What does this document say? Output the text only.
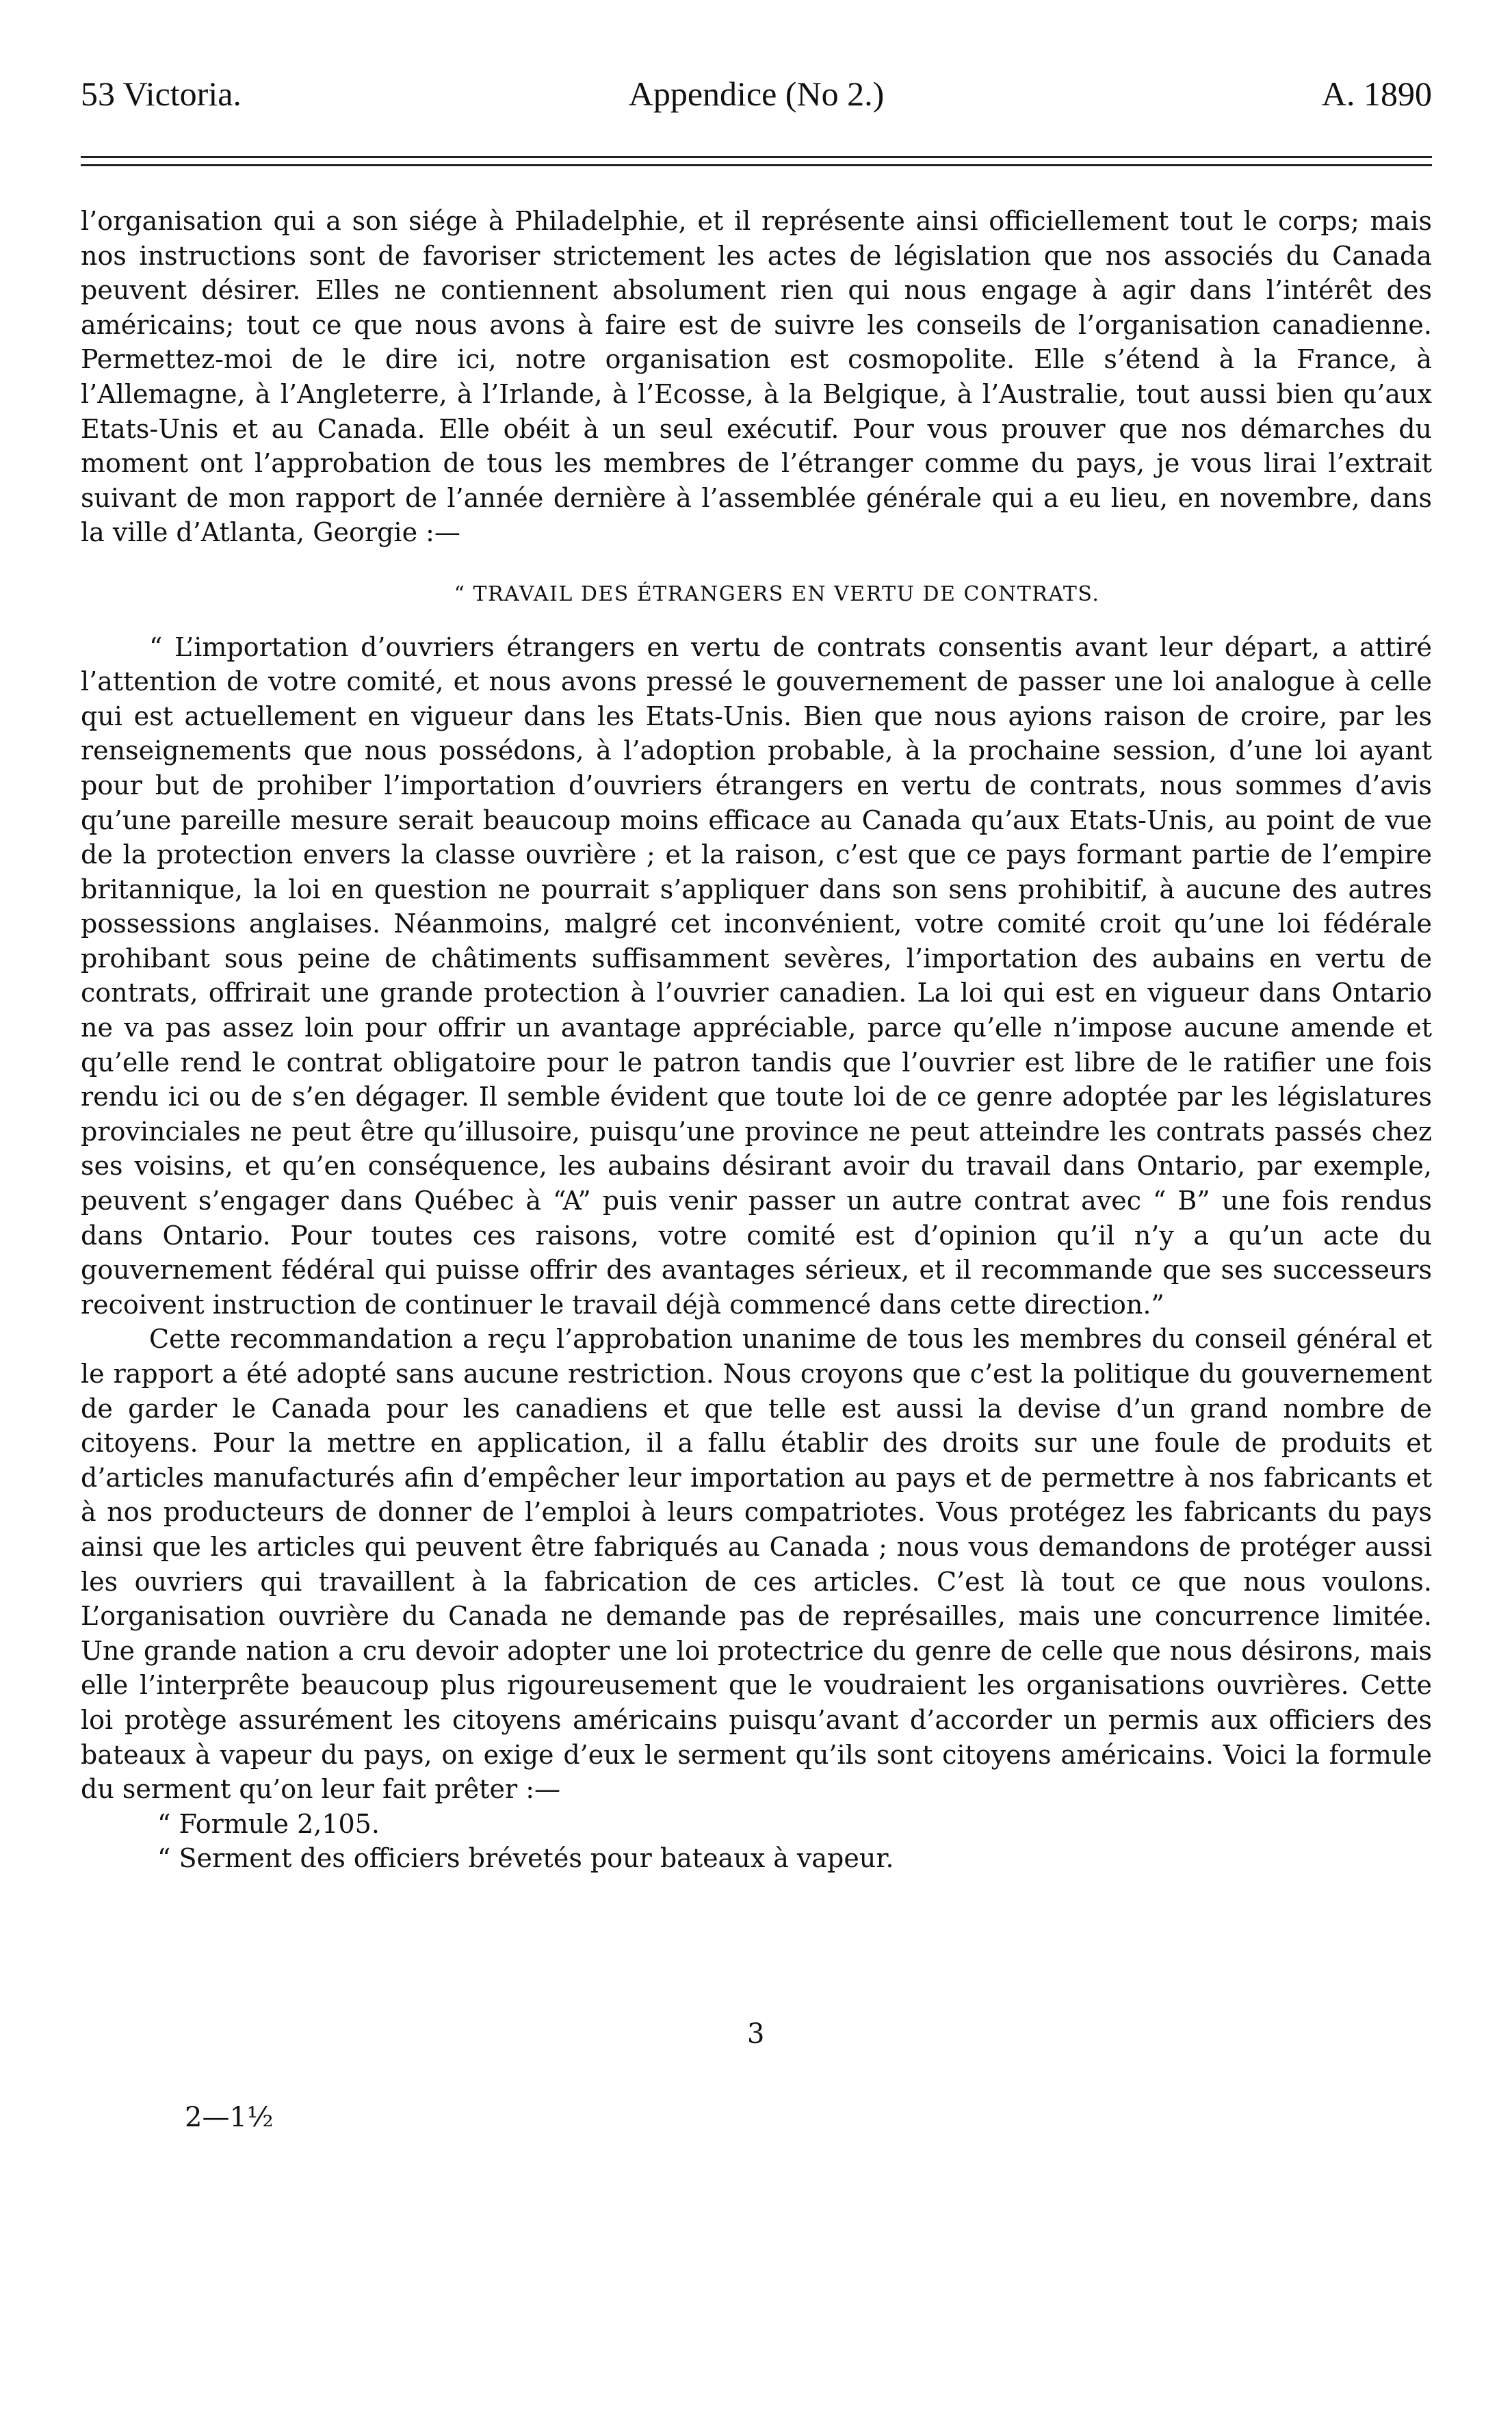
53 Victoria.	Appendice (No 2.)	A. 1890

l’organisation qui a son siége à Philadelphie, et il représente ainsi officiellement tout le corps; mais nos instructions sont de favoriser strictement les actes de législation que nos associés du Canada peuvent désirer. Elles ne contiennent absolument rien qui nous engage à agir dans l’intérêt des américains; tout ce que nous avons à faire est de suivre les conseils de l’organisation canadienne. Permettez-moi de le dire ici, notre organisation est cosmopolite. Elle s’étend à la France, à l’Allemagne, à l’Angleterre, à l’Irlande, à l’Ecosse, à la Belgique, à l’Australie, tout aussi bien qu’aux Etats-Unis et au Canada. Elle obéit à un seul exécutif. Pour vous prouver que nos démarches du moment ont l’approbation de tous les membres de l’étranger comme du pays, je vous lirai l’extrait suivant de mon rapport de l’année dernière à l’assemblée générale qui a eu lieu, en novembre, dans la ville d’Atlanta, Georgie :—

“ TRAVAIL DES ÉTRANGERS EN VERTU DE CONTRATS.

“ L’importation d’ouvriers étrangers en vertu de contrats consentis avant leur départ, a attiré l’attention de votre comité, et nous avons pressé le gouvernement de passer une loi analogue à celle qui est actuellement en vigueur dans les Etats-Unis. Bien que nous ayions raison de croire, par les renseignements que nous possédons, à l’adoption probable, à la prochaine session, d’une loi ayant pour but de prohiber l’importation d’ouvriers étrangers en vertu de contrats, nous sommes d’avis qu’une pareille mesure serait beaucoup moins efficace au Canada qu’aux Etats-Unis, au point de vue de la protection envers la classe ouvrière ; et la raison, c’est que ce pays formant partie de l’empire britannique, la loi en question ne pourrait s’appliquer dans son sens prohibitif, à aucune des autres possessions anglaises. Néanmoins, malgré cet inconvénient, votre comité croit qu’une loi fédérale prohibant sous peine de châtiments suffisamment sevères, l’importation des aubains en vertu de contrats, offrirait une grande protection à l’ouvrier canadien. La loi qui est en vigueur dans Ontario ne va pas assez loin pour offrir un avantage appréciable, parce qu’elle n’impose aucune amende et qu’elle rend le contrat obligatoire pour le patron tandis que l’ouvrier est libre de le ratifier une fois rendu ici ou de s’en dégager. Il semble évident que toute loi de ce genre adoptée par les législatures provinciales ne peut être qu’illusoire, puisqu’une province ne peut atteindre les contrats passés chez ses voisins, et qu’en conséquence, les aubains désirant avoir du travail dans Ontario, par exemple, peuvent s’engager dans Québec à “A” puis venir passer un autre contrat avec “ B” une fois rendus dans Ontario. Pour toutes ces raisons, votre comité est d’opinion qu’il n’y a qu’un acte du gouvernement fédéral qui puisse offrir des avantages sérieux, et il recommande que ses successeurs recoivent instruction de continuer le travail déjà commencé dans cette direction.”

Cette recommandation a reçu l’approbation unanime de tous les membres du conseil général et le rapport a été adopté sans aucune restriction. Nous croyons que c’est la politique du gouvernement de garder le Canada pour les canadiens et que telle est aussi la devise d’un grand nombre de citoyens. Pour la mettre en application, il a fallu établir des droits sur une foule de produits et d’articles manufacturés afin d’empêcher leur importation au pays et de permettre à nos fabricants et à nos producteurs de donner de l’emploi à leurs compatriotes. Vous protégez les fabricants du pays ainsi que les articles qui peuvent être fabriqués au Canada ; nous vous demandons de protéger aussi les ouvriers qui travaillent à la fabrication de ces articles. C’est là tout ce que nous voulons. L’organisation ouvrière du Canada ne demande pas de représailles, mais une concurrence limitée. Une grande nation a cru devoir adopter une loi protectrice du genre de celle que nous désirons, mais elle l’interprête beaucoup plus rigoureusement que le voudraient les organisations ouvrières. Cette loi protège assurément les citoyens américains puisqu’avant d’accorder un permis aux officiers des bateaux à vapeur du pays, on exige d’eux le serment qu’ils sont citoyens américains. Voici la formule du serment qu’on leur fait prêter :—

“ Formule 2,105.

“ Serment des officiers brévetés pour bateaux à vapeur.

3
2—1½
